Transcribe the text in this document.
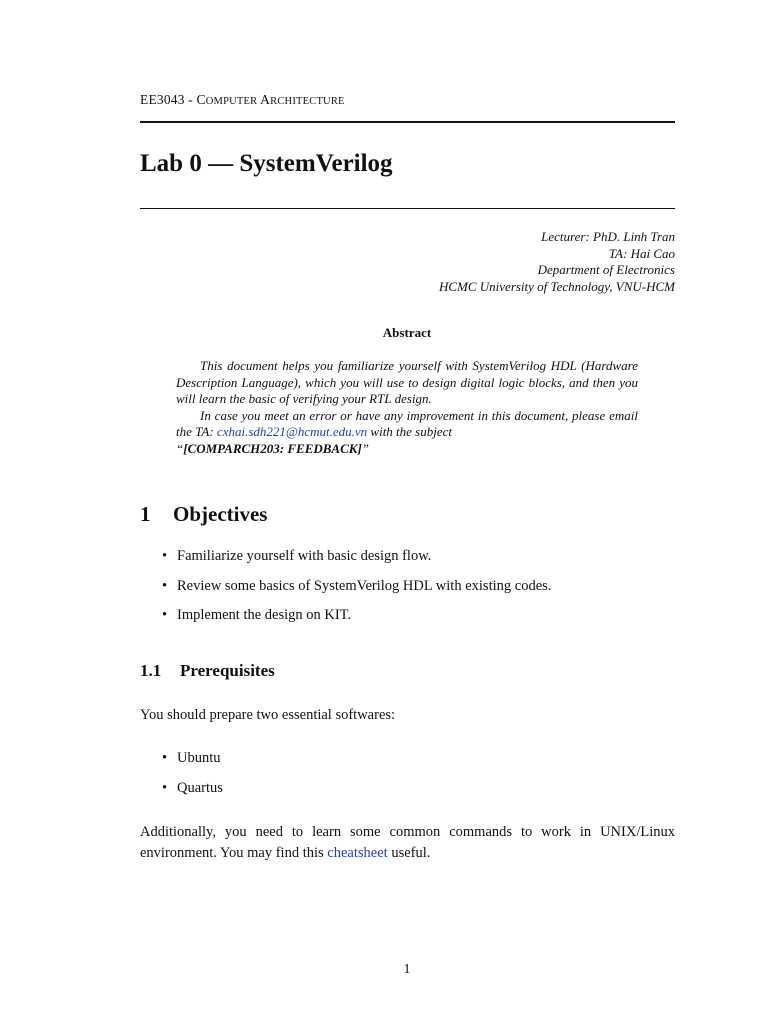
EE3043 - COMPUTER ARCHITECTURE
Lab 0 — SystemVerilog
Lecturer: PhD. Linh Tran
TA: Hai Cao
Department of Electronics
HCMC University of Technology, VNU-HCM
Abstract

This document helps you familiarize yourself with SystemVerilog HDL (Hardware Description Language), which you will use to design digital logic blocks, and then you will learn the basic of verifying your RTL design.

In case you meet an error or have any improvement in this document, please email the TA: cxhai.sdh221@hcmut.edu.vn with the subject

“[COMPARCH203: FEEDBACK]”

1 Objectives
• Familiarize yourself with basic design flow.
• Review some basics of SystemVerilog HDL with existing codes.
• Implement the design on KIT.
1.1 Prerequisites

You should prepare two essential softwares:

• Ubuntu
• Quartus

Additionally, you need to learn some common commands to work in UNIX/Linux environment. You may find this cheatsheet useful.

1
